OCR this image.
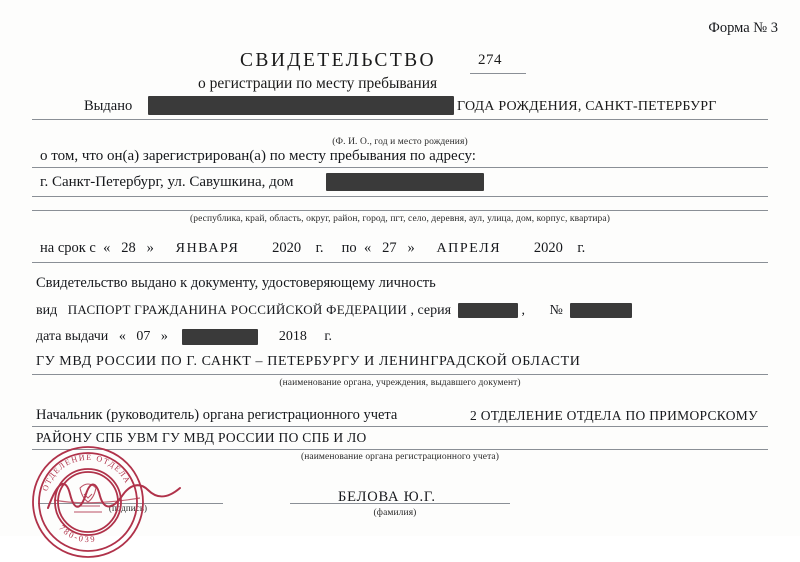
Форма № 3
СВИДЕТЕЛЬСТВО	274
о регистрации по месту пребывания
Выдано	ГОДА РОЖДЕНИЯ, САНКТ-ПЕТЕРБУРГ
(Ф. И. О., год и место рождения)
о том, что он(а) зарегистрирован(а) по месту пребывания по адресу:
г. Санкт-Петербург, ул. Савушкина, дом
(республика, край, область, округ, район, город, пгт, село, деревня, аул, улица, дом, корпус, квартира)
на срок с « 28 » ЯНВАРЯ 2020 г. по « 27 » АПРЕЛЯ 2020 г.
Свидетельство выдано к документу, удостоверяющему личность
вид ПАСПОРТ ГРАЖДАНИНА РОССИЙСКОЙ ФЕДЕРАЦИИ , серия	, №
дата выдачи « 07 »	2018 г.
ГУ МВД РОССИИ ПО Г. САНКТ – ПЕТЕРБУРГУ И ЛЕНИНГРАДСКОЙ ОБЛАСТИ
(наименование органа, учреждения, выдавшего документ)
Начальник (руководитель) органа регистрационного учета	2 ОТДЕЛЕНИЕ ОТДЕЛА ПО ПРИМОРСКОМУ
РАЙОНУ СПБ УВМ ГУ МВД РОССИИ ПО СПБ И ЛО
(наименование органа регистрационного учета)
БЕЛОВА Ю.Г.
(фамилия)
(подпись)
ОТДЕЛЕНИЕ ОТДЕЛА
780-039
